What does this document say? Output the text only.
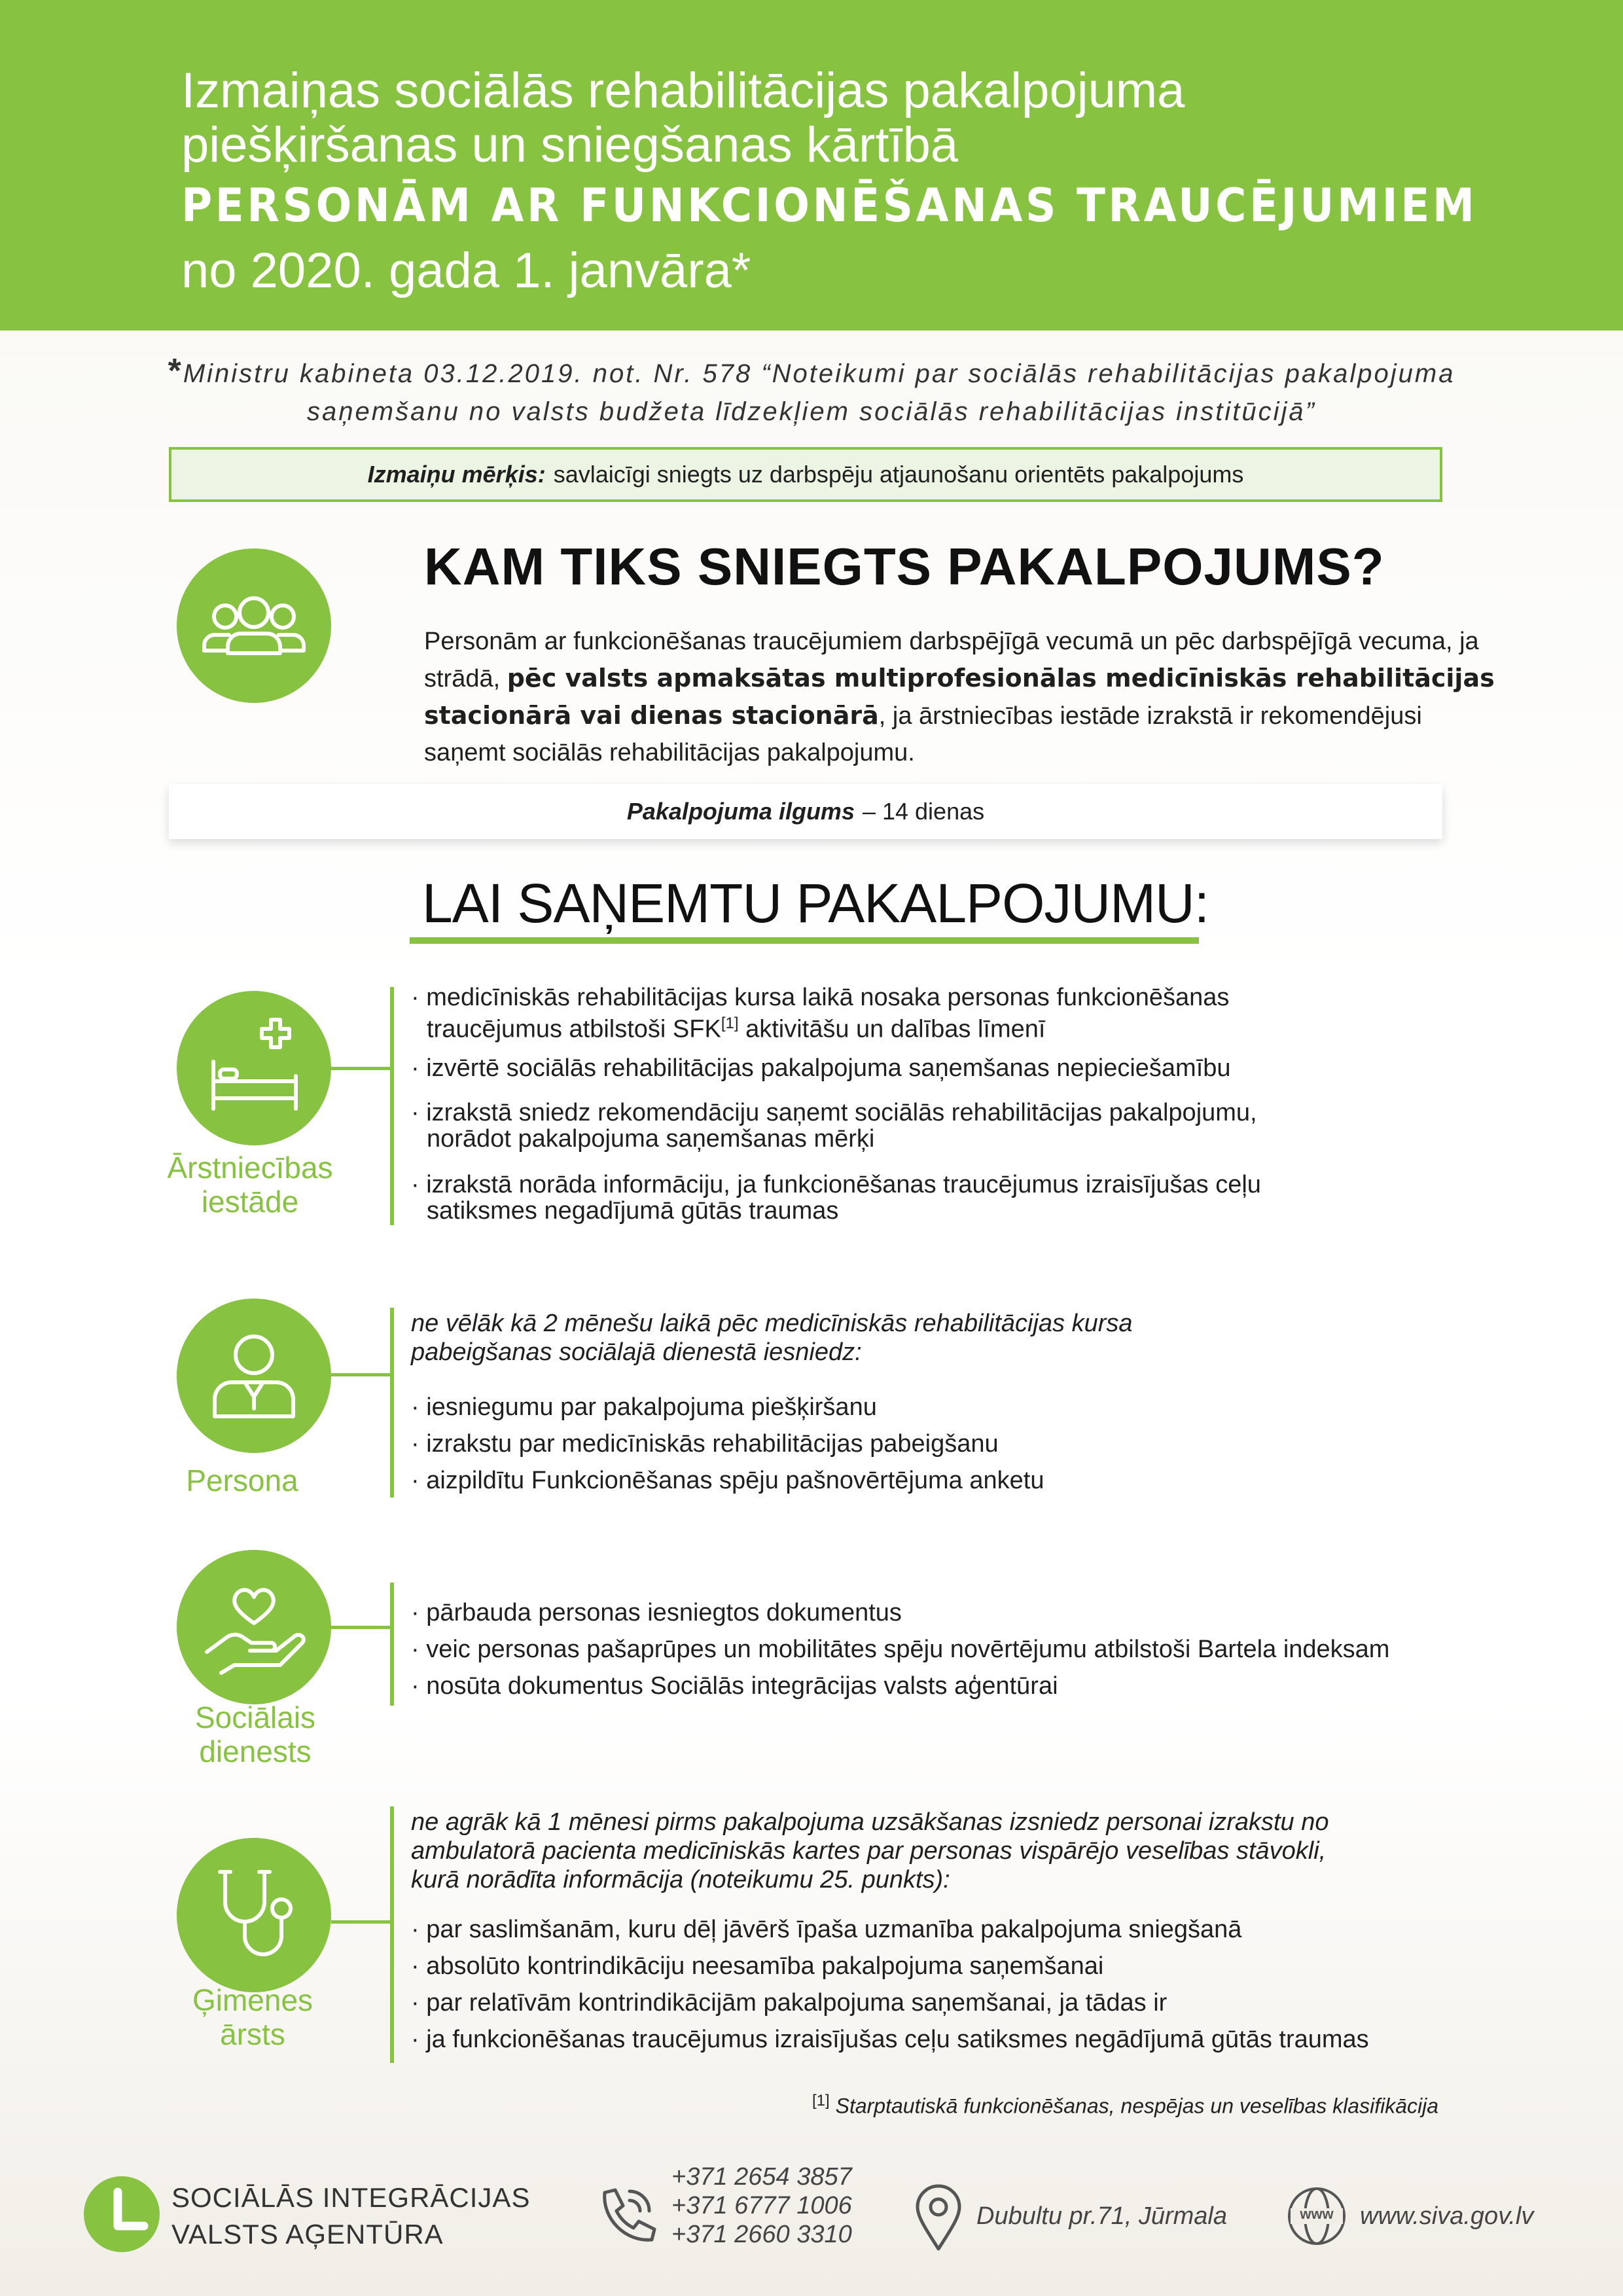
Izmaiņas sociālās rehabilitācijas pakalpojuma
piešķiršanas un sniegšanas kārtībā
PERSONĀM AR FUNKCIONĒŠANAS TRAUCĒJUMIEM
no 2020. gada 1. janvāra*
*Ministru kabineta 03.12.2019. not. Nr. 578 “Noteikumi par sociālās rehabilitācijas pakalpojuma
saņemšanu no valsts budžeta līdzekļiem sociālās rehabilitācijas institūcijā”
Izmaiņu mērķis: savlaicīgi sniegts uz darbspēju atjaunošanu orientēts pakalpojums
KAM TIKS SNIEGTS PAKALPOJUMS?
Personām ar funkcionēšanas traucējumiem darbspējīgā vecumā un pēc darbspējīgā vecuma, ja strādā, pēc valsts apmaksātas multiprofesionālas medicīniskās rehabilitācijas stacionārā vai dienas stacionārā, ja ārstniecības iestāde izrakstā ir rekomendējusi saņemt sociālās rehabilitācijas pakalpojumu.
Pakalpojuma ilgums – 14 dienas
LAI SAŅEMTU PAKALPOJUMU:
Ārstniecības
iestāde
· medicīniskās rehabilitācijas kursa laikā nosaka personas funkcionēšanas
traucējumus atbilstoši SFK[1] aktivitāšu un dalības līmenī
· izvērtē sociālās rehabilitācijas pakalpojuma saņemšanas nepieciešamību
· izrakstā sniedz rekomendāciju saņemt sociālās rehabilitācijas pakalpojumu,
norādot pakalpojuma saņemšanas mērķi
· izrakstā norāda informāciju, ja funkcionēšanas traucējumus izraisījušas ceļu
satiksmes negadījumā gūtās traumas
Persona
ne vēlāk kā 2 mēnešu laikā pēc medicīniskās rehabilitācijas kursa
pabeigšanas sociālajā dienestā iesniedz:
· iesniegumu par pakalpojuma piešķiršanu
· izrakstu par medicīniskās rehabilitācijas pabeigšanu
· aizpildītu Funkcionēšanas spēju pašnovērtējuma anketu
Sociālais
dienests
· pārbauda personas iesniegtos dokumentus
· veic personas pašaprūpes un mobilitātes spēju novērtējumu atbilstoši Bartela indeksam
· nosūta dokumentus Sociālās integrācijas valsts aģentūrai
Ģimenes
ārsts
ne agrāk kā 1 mēnesi pirms pakalpojuma uzsākšanas izsniedz personai izrakstu no
ambulatorā pacienta medicīniskās kartes par personas vispārējo veselības stāvokli,
kurā norādīta informācija (noteikumu 25. punkts):
· par saslimšanām, kuru dēļ jāvērš īpaša uzmanība pakalpojuma sniegšanā
· absolūto kontrindikāciju neesamība pakalpojuma saņemšanai
· par relatīvām kontrindikācijām pakalpojuma saņemšanai, ja tādas ir
· ja funkcionēšanas traucējumus izraisījušas ceļu satiksmes negādījumā gūtās traumas
[1] Starptautiskā funkcionēšanas, nespējas un veselības klasifikācija
SOCIĀLĀS INTEGRĀCIJAS
VALSTS AĢENTŪRA
+371 2654 3857
+371 6777 1006
+371 2660 3310
Dubultu pr.71, Jūrmala	www	www.siva.gov.lv
